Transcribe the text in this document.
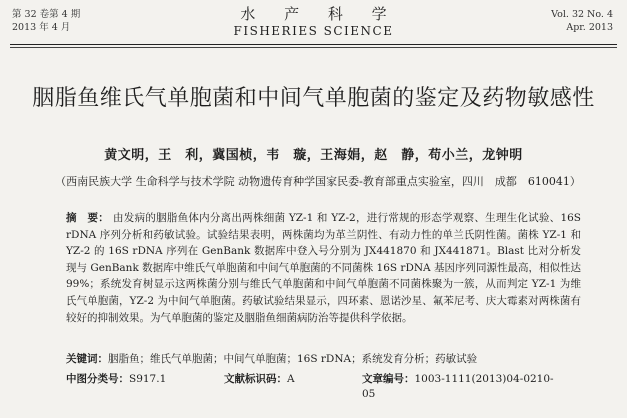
第 32 卷第 4 期
2013 年 4 月
水 产 科 学
FISHERIES SCIENCE
Vol. 32 No. 4
Apr. 2013
胭脂鱼维氏气单胞菌和中间气单胞菌的鉴定及药物敏感性
黄文明，王　利，冀国桢，韦　璇，王海娟，赵　静，苟小兰，龙钟明
（西南民族大学 生命科学与技术学院 动物遗传育种学国家民委-教育部重点实验室，四川　成都　610041）
摘　要： 由发病的胭脂鱼体内分离出两株细菌 YZ-1 和 YZ-2，进行常规的形态学观察、生理生化试验、16S rDNA 序列分析和药敏试验。试验结果表明，两株菌均为革兰阴性、有动力性的单兰氏阴性菌。菌株 YZ-1 和 YZ-2 的 16S rDNA 序列在 GenBank 数据库中登入号分别为 JX441870 和 JX441871。Blast 比对分析发现与 GenBank 数据库中维氏气单胞菌和中间气单胞菌的不同菌株 16S rDNA 基因序列同源性最高，相似性达 99%；系统发育树显示这两株菌分别与维氏气单胞菌和中间气单胞菌不同菌株聚为一簇，从而判定 YZ-1 为维氏气单胞菌，YZ-2 为中间气单胞菌。药敏试验结果显示，四环素、恩诺沙星、氟苯尼考、庆大霉素对两株菌有较好的抑制效果。为气单胞菌的鉴定及胭脂鱼细菌病防治等提供科学依据。
关键词：胭脂鱼；维氏气单胞菌；中间气单胞菌；16S rDNA；系统发育分析；药敏试验
中图分类号：S917.1	文献标识码：A	文章编号：1003-1111(2013)04-0210-05
